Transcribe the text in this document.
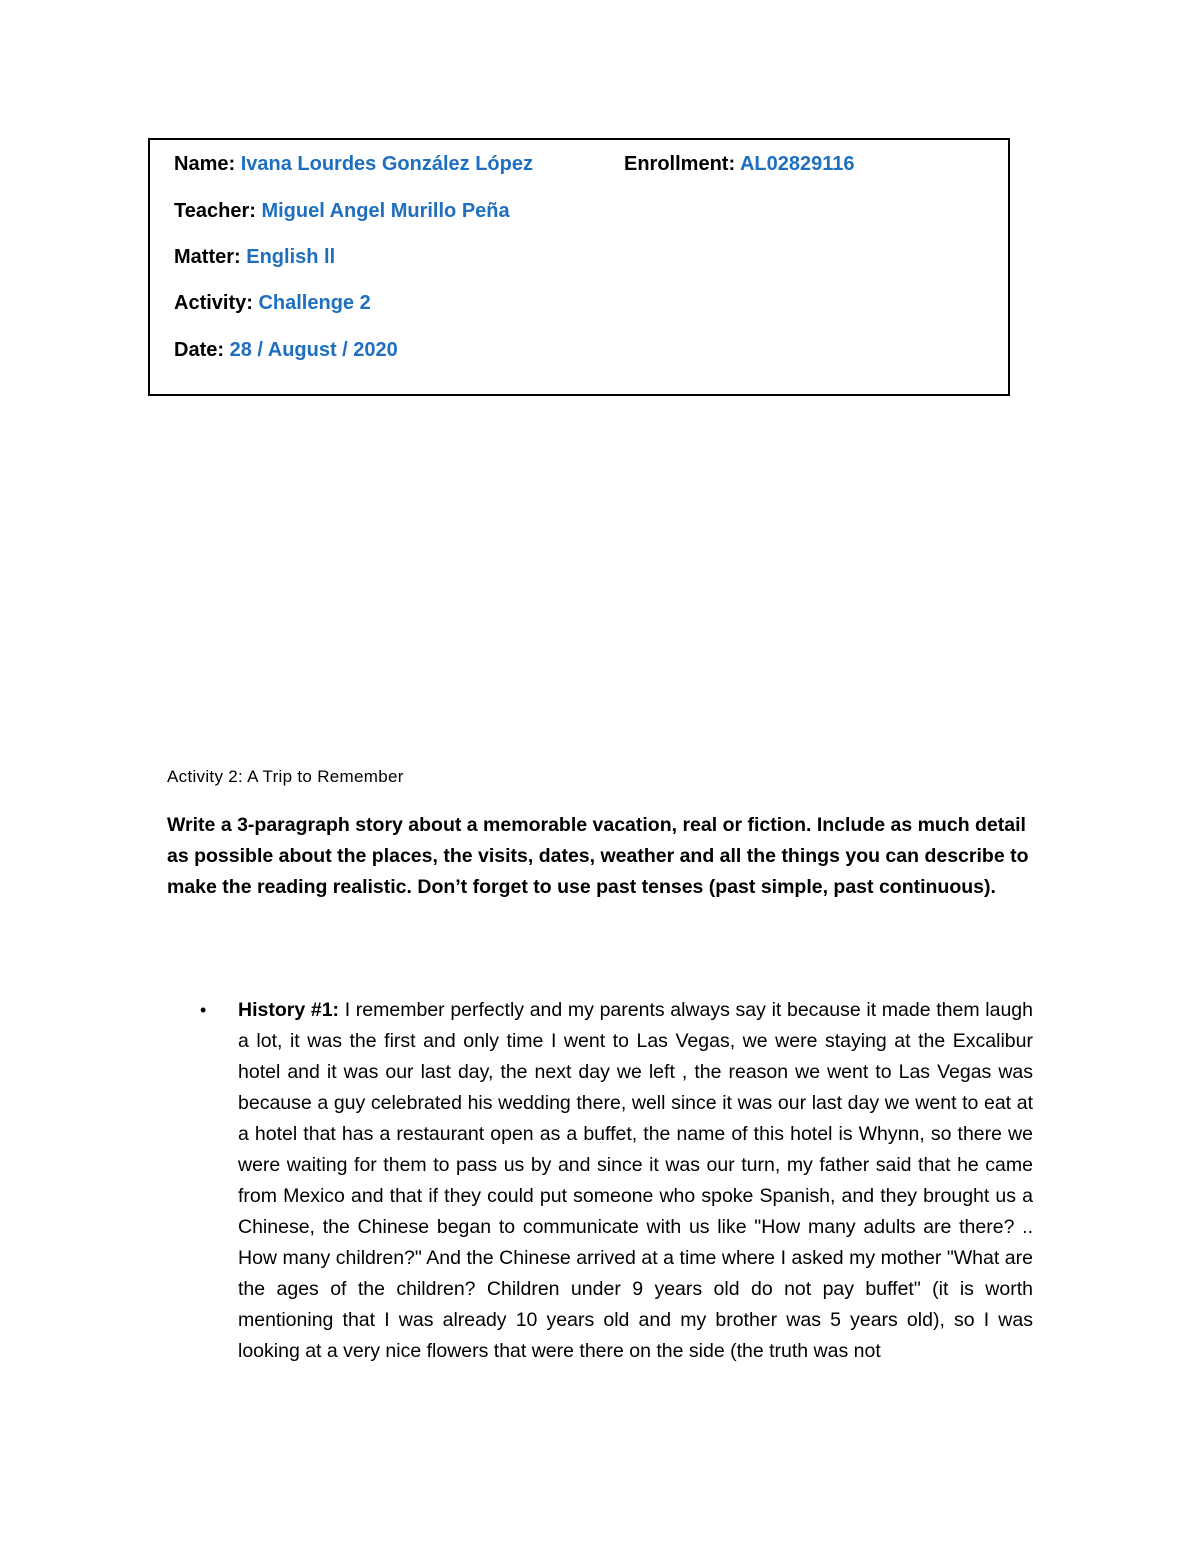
Name: Ivana Lourdes González López	Enrollment: AL02829116
Teacher: Miguel Angel Murillo Peña
Matter: English ll
Activity: Challenge 2
Date: 28 / August / 2020
Activity 2: A Trip to Remember

Write a 3-paragraph story about a memorable vacation, real or fiction. Include as much detail as possible about the places, the visits, dates, weather and all the things you can describe to make the reading realistic. Don’t forget to use past tenses (past simple, past continuous).

• History #1: I remember perfectly and my parents always say it because it made them laugh a lot, it was the first and only time I went to Las Vegas, we were staying at the Excalibur hotel and it was our last day, the next day we left , the reason we went to Las Vegas was because a guy celebrated his wedding there, well since it was our last day we went to eat at a hotel that has a restaurant open as a buffet, the name of this hotel is Whynn, so there we were waiting for them to pass us by and since it was our turn, my father said that he came from Mexico and that if they could put someone who spoke Spanish, and they brought us a Chinese, the Chinese began to communicate with us like "How many adults are there? .. How many children?" And the Chinese arrived at a time where I asked my mother "What are the ages of the children? Children under 9 years old do not pay buffet" (it is worth mentioning that I was already 10 years old and my brother was 5 years old), so I was looking at a very nice flowers that were there on the side (the truth was not
